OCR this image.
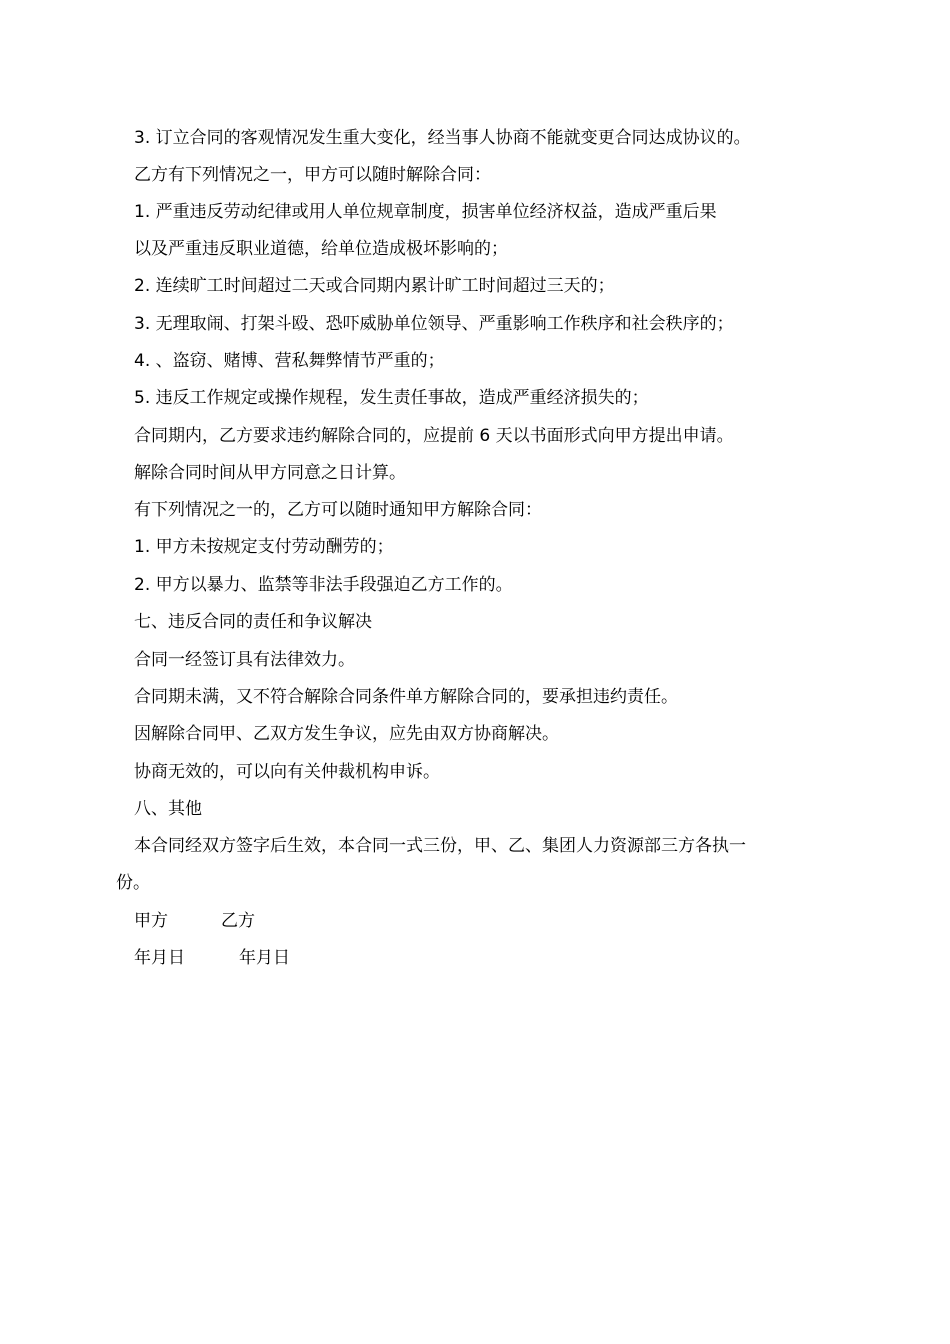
3. 订立合同的客观情况发生重大变化，经当事人协商不能就变更合同达成协议的。
乙方有下列情况之一，甲方可以随时解除合同：
1. 严重违反劳动纪律或用人单位规章制度，损害单位经济权益，造成严重后果
以及严重违反职业道德，给单位造成极坏影响的；
2. 连续旷工时间超过二天或合同期内累计旷工时间超过三天的；
3. 无理取闹、打架斗殴、恐吓威胁单位领导、严重影响工作秩序和社会秩序的；
4. 、盗窃、赌博、营私舞弊情节严重的；
5. 违反工作规定或操作规程，发生责任事故，造成严重经济损失的；
合同期内，乙方要求违约解除合同的，应提前 6 天以书面形式向甲方提出申请。
解除合同时间从甲方同意之日计算。
有下列情况之一的，乙方可以随时通知甲方解除合同：
1. 甲方未按规定支付劳动酬劳的；
2. 甲方以暴力、监禁等非法手段强迫乙方工作的。
七、违反合同的责任和争议解决
合同一经签订具有法律效力。
合同期未满，又不符合解除合同条件单方解除合同的，要承担违约责任。
因解除合同甲、乙双方发生争议，应先由双方协商解决。
协商无效的，可以向有关仲裁机构申诉。
八、其他
本合同经双方签字后生效，本合同一式三份，甲、乙、集团人力资源部三方各执一
份。
甲方	乙方
年月日	年月日
